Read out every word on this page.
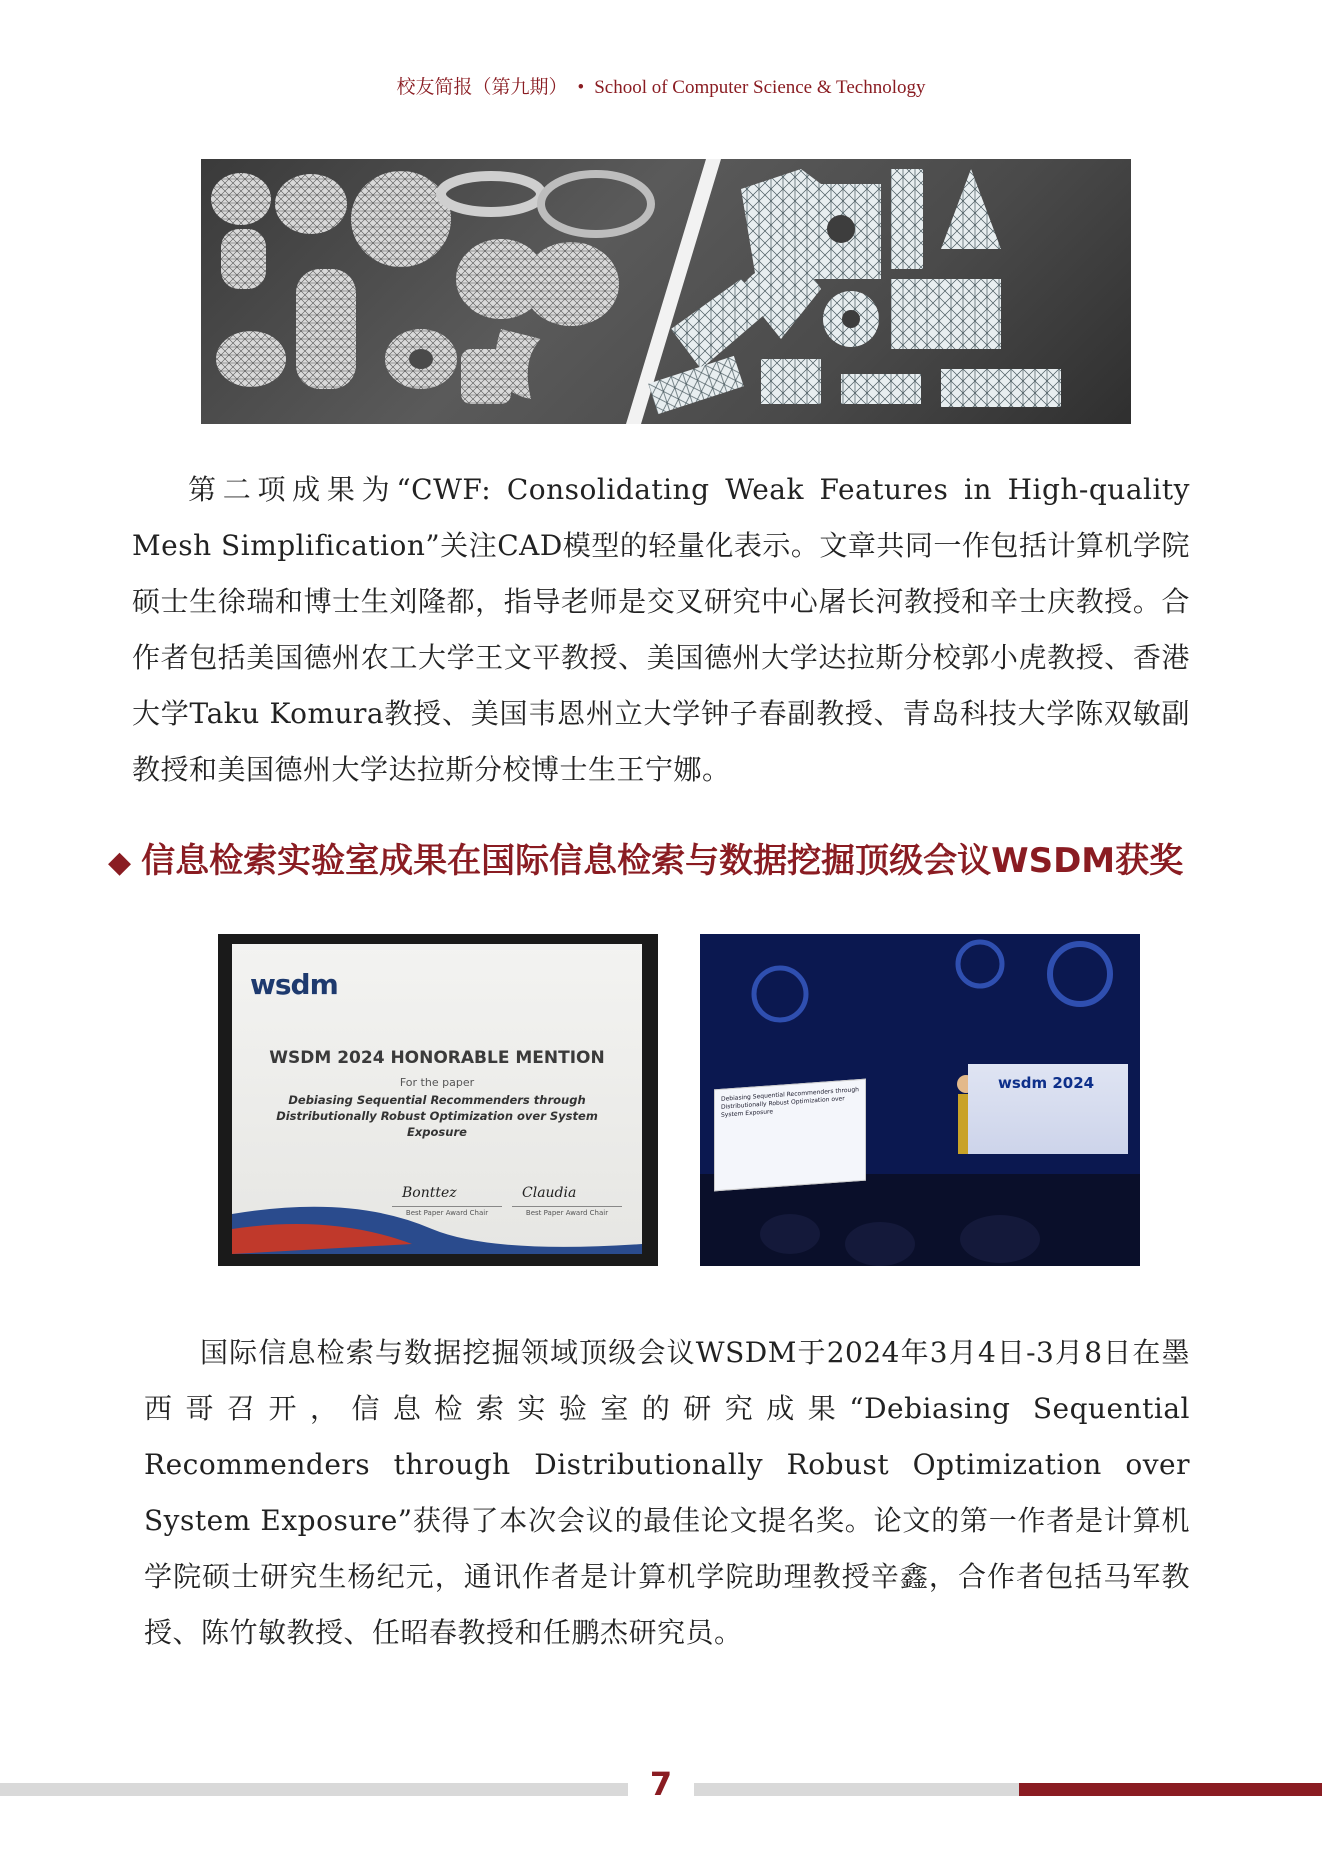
校友简报（第九期） • School of Computer Science & Technology

第二项成果为“CWF: Consolidating Weak Features in High-quality Mesh Simplification”关注CAD模型的轻量化表示。文章共同一作包括计算机学院硕士生徐瑞和博士生刘隆都，指导老师是交叉研究中心屠长河教授和辛士庆教授。合作者包括美国德州农工大学王文平教授、美国德州大学达拉斯分校郭小虎教授、香港大学Taku Komura教授、美国韦恩州立大学钟子春副教授、青岛科技大学陈双敏副教授和美国德州大学达拉斯分校博士生王宁娜。

◆ 信息检索实验室成果在国际信息检索与数据挖掘顶级会议WSDM获奖
wsdm
WSDM 2024 HONORABLE MENTION
For the paper
Debiasing Sequential Recommenders through Distributionally Robust Optimization over System Exposure
Bonttez
Best Paper Award Chair
Claudia
Best Paper Award Chair
Debiasing Sequential Recommenders through Distributionally Robust Optimization over System Exposure
wsdm 2024

国际信息检索与数据挖掘领域顶级会议WSDM于2024年3月4日-3月8日在墨西哥召开，信息检索实验室的研究成果“Debiasing Sequential Recommenders through Distributionally Robust Optimization over System Exposure”获得了本次会议的最佳论文提名奖。论文的第一作者是计算机学院硕士研究生杨纪元，通讯作者是计算机学院助理教授辛鑫，合作者包括马军教授、陈竹敏教授、任昭春教授和任鹏杰研究员。

7
